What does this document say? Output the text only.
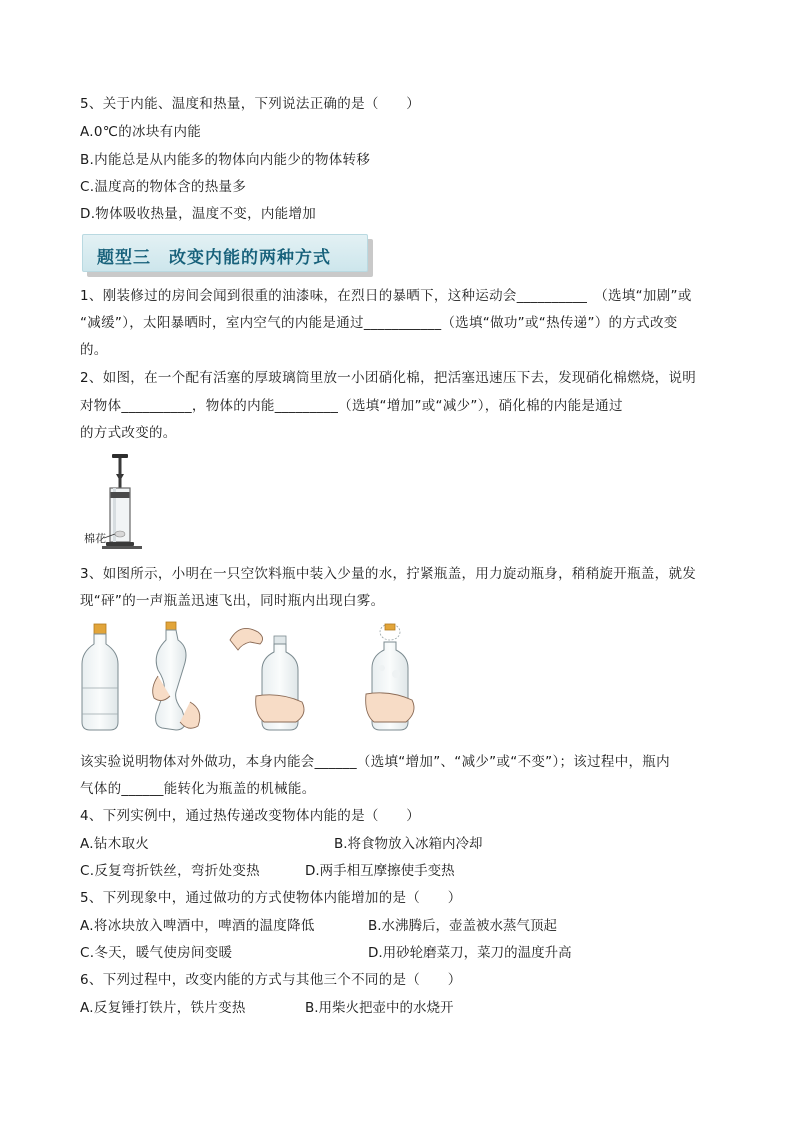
5、关于内能、温度和热量，下列说法正确的是（　　）
A.0℃的冰块有内能
B.内能总是从内能多的物体向内能少的物体转移
C.温度高的物体含的热量多
D.物体吸收热量，温度不变，内能增加
题型三　改变内能的两种方式
1、刚装修过的房间会闻到很重的油漆味，在烈日的暴晒下，这种运动会__________　（选填“加剧”或
“减缓”），太阳暴晒时，室内空气的内能是通过___________（选填“做功”或“热传递”）的方式改变
的。
2、如图，在一个配有活塞的厚玻璃筒里放一小团硝化棉，把活塞迅速压下去，发现硝化棉燃烧，说明
对物体__________，物体的内能_________（选填“增加”或“减少”），硝化棉的内能是通过
的方式改变的。
棉花
3、如图所示，小明在一只空饮料瓶中装入少量的水，拧紧瓶盖，用力旋动瓶身，稍稍旋开瓶盖，就发
现“砰”的一声瓶盖迅速飞出，同时瓶内出现白雾。
该实验说明物体对外做功，本身内能会______（选填“增加”、“减少”或“不变”）；该过程中，瓶内
气体的______能转化为瓶盖的机械能。
4、下列实例中，通过热传递改变物体内能的是（　　）
A.钻木取火	B.将食物放入冰箱内冷却
C.反复弯折铁丝，弯折处变热	D.两手相互摩擦使手变热
5、下列现象中，通过做功的方式使物体内能增加的是（　　）
A.将冰块放入啤酒中，啤酒的温度降低	B.水沸腾后，壶盖被水蒸气顶起
C.冬天，暖气使房间变暖	D.用砂轮磨菜刀，菜刀的温度升高
6、下列过程中，改变内能的方式与其他三个不同的是（　　）
A.反复锤打铁片，铁片变热	B.用柴火把壶中的水烧开
